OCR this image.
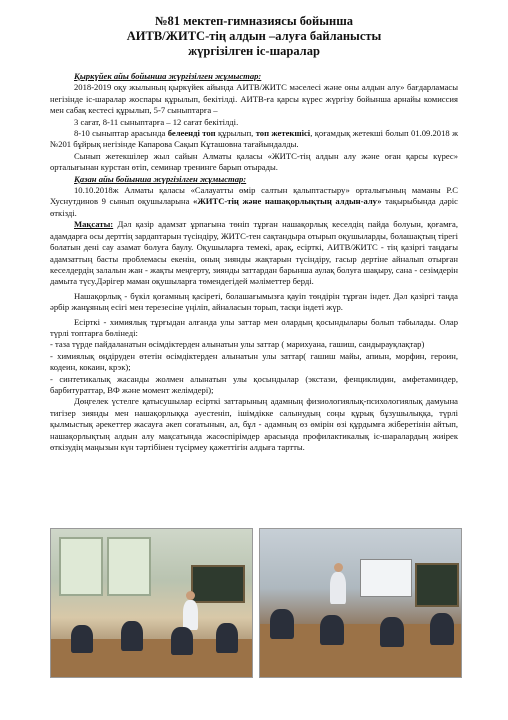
№81 мектеп-гимназиясы бойынша
АИТВ/ЖИТС-тің алдын –алуға байланысты
жүргізілген іс-шаралар

Қыркүйек айы бойынша жүргізілген жұмыстар:

2018-2019 оқу жылының қыркүйек айында АИТВ/ЖИТС мәселесі және оны алдын алу» бағдарламасы негізінде іс-шаралар жоспары құрылып, бекітілді. АИТВ-ға қарсы күрес жүргізу бойынша арнайы комиссия мен сабақ кестесі құрылып, 5-7 сыныптарға –

3 сағат, 8-11 сыныптарға – 12 сағат бекітілді.

8-10 сыныптар арасында белеенді топ құрылып, топ жетекшісі, қоғамдық жетекші болып 01.09.2018 ж №201 бұйрық негізінде Капарова Сақып Кұташовна тағайындалды.

Сынып жетекшілер жыл сайын Алматы қаласы «ЖИТС-тің алдын алу және оған қарсы күрес» орталығынан курстан өтіп, семинар тренинге барып отырады.

Қазан айы бойынша жүргізілген жұмыстар:

10.10.2018ж Алматы қаласы «Салауатты өмір салтын қалыптастыру» орталығының маманы Р.С Хуснутдинов 9 сынып оқушыларына «ЖИТС-тің және нашақорлықтың алдын-алу» тақырыбында дәріс өткізді.

Мақсаты: Дәл қазір адамзат ұрпағына төніп тұрған нашақорлық кеселдің пайда болуын, қоғамға, адамдарға осы дерттің зардаптарын түсіндіру, ЖИТС-тен сақтандыра отырып оқушыларды, болашақтың тірегі болатын дені сау азамат болуға баулу. Оқушыларға темекі, арақ, есірткі, АИТВ/ЖИТС - тің қазіргі таңдағы адамзаттың басты проблемасы екенін, оның зиянды жақтарын түсіндіру, гасыр дертіне айналып отырған кеселдердің залалын жан - жақты меңгерту, зиянды заттардан барынша аулақ болуға шақыру, сана - сезімдерін дамыта түсу.Дәрігер маман оқушыларға төмендегідей мәліметтер берді.

Нашақорлық - бүкіл қоғамның қасіреті, болашағымызға қауіп төндірін тұрған індет. Дәл қазіргі таңда әрбір жанұяның есігі мен терезесіне үңіліп, айналасын торып, тасқи індеті жүр.

Есірткі - химиялық тұрғыдан алғанда улы заттар мен олардың қосындылары болып табылады. Олар түрлі топтарға бөлінеді:

- таза түрде пайдаланатын өсімдіктерден алынатын улы заттар ( марихуана, гашиш, сандырауқлақтар)

- химиялық өңдіруден өтетін өсімдіктерден алынатын улы заттар( гашиш майы, апиын, морфин, героин, кодеин, кокаин, крэк);

- синтетикалық жасанды жолмен алынатын улы қосындылар (экстази, фенциклидин, амфетаминдер, барбитураттар, ВФ және момент желімдері);

Дөңгелек үстелге қатысушылар есірткі заттарының адамның физиологиялық-психологиялық дамуына тигізер зиянды мен нашақорлыққа әуестеніп, ішімдікке салынудың соңы құрық бұзушылыққа, түрлі қылмыстық әрекеттер жасауға әкеп соғатынын, ал, бұл - адамның өз өмірін өзі құрдымға жіберетінін айтып, нашақорлықтың алдын алу мақсатында жасөспірімдер арасында профилактикалық іс-шаралардың жиірек өткізудің маңызын күн тәртібінен түсірмеу қажеттігін алдыға тартты.
